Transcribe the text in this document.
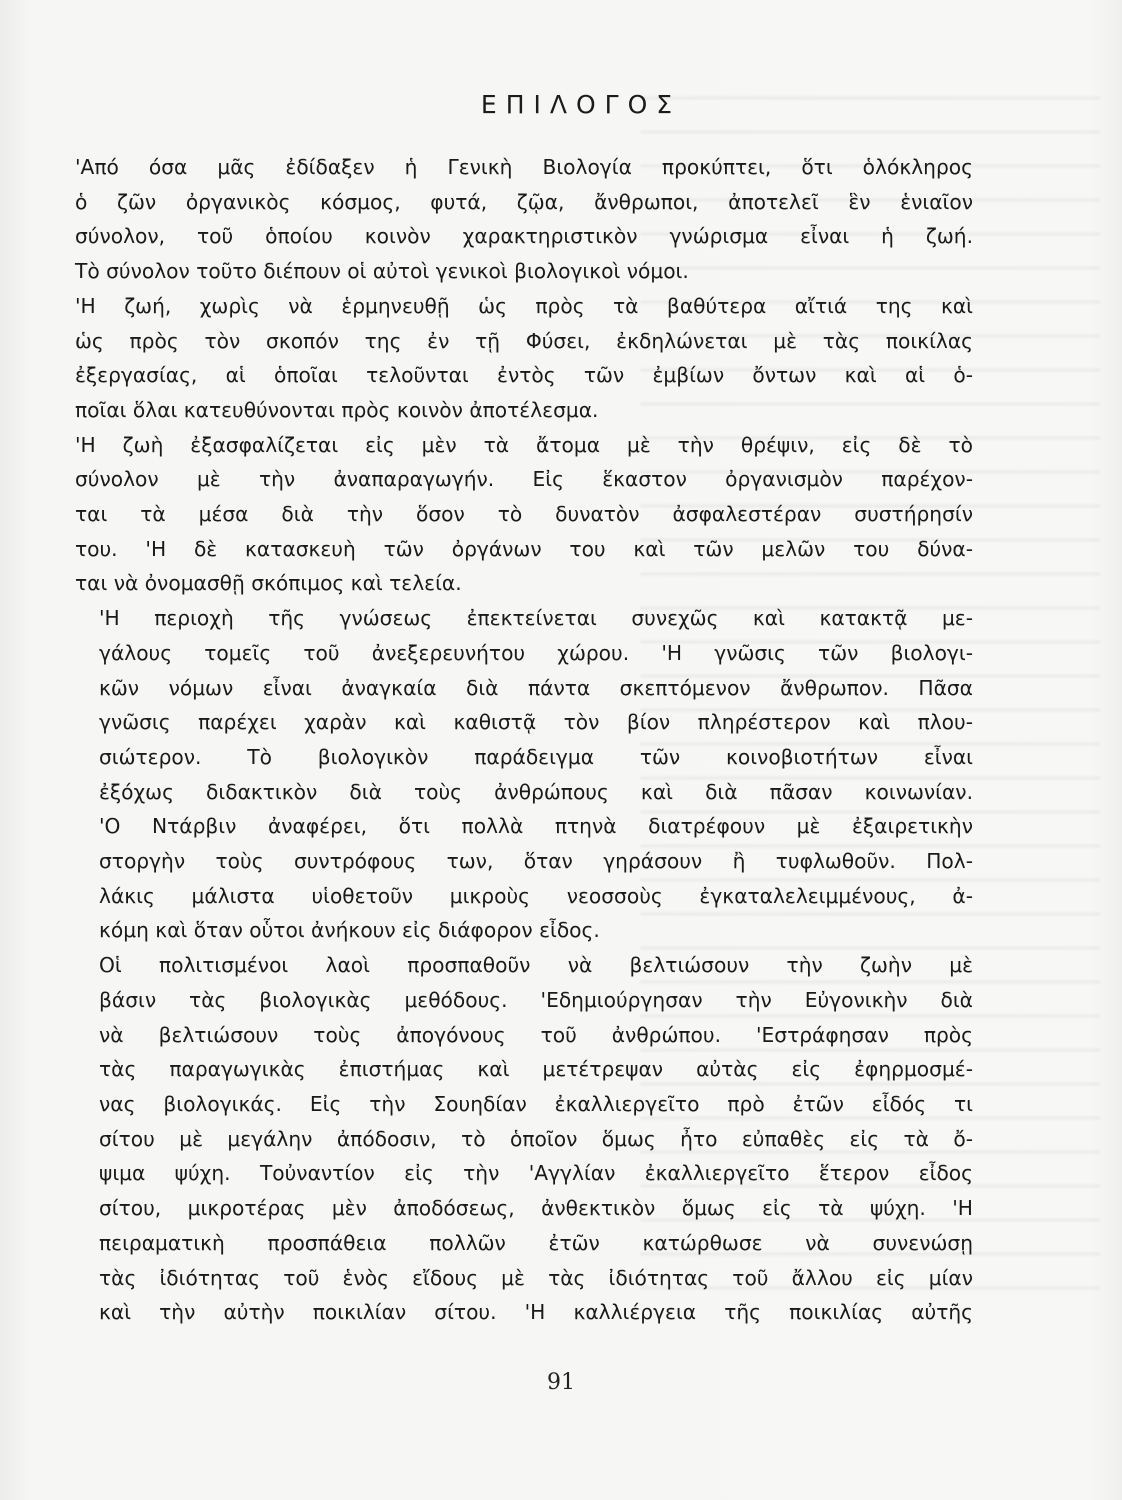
ΕΠΙΛΟΓΟΣ

'Από όσα μᾶς ἐδίδαξεν ἡ Γενικὴ Βιολογία προκύπτει, ὅτι ὁλόκληρος
ὁ ζῶν ὀργανικὸς κόσμος, φυτά, ζῷα, ἄνθρωποι, ἀποτελεῖ ἓν ἑνιαῖον
σύνολον, τοῦ ὁποίου κοινὸν χαρακτηριστικὸν γνώρισμα εἶναι ἡ ζωή.
Τὸ σύνολον τοῦτο διέπουν οἱ αὐτοὶ γενικοὶ βιολογικοὶ νόμοι.

'Η ζωή, χωρὶς νὰ ἑρμηνευθῇ ὡς πρὸς τὰ βαθύτερα αἴτιά της καὶ
ὡς πρὸς τὸν σκοπόν της ἐν τῇ Φύσει, ἐκδηλώνεται μὲ τὰς ποικίλας
ἐξεργασίας, αἱ ὁποῖαι τελοῦνται ἐντὸς τῶν ἐμβίων ὄντων καὶ αἱ ὁ-
ποῖαι ὅλαι κατευθύνονται πρὸς κοινὸν ἀποτέλεσμα.

'Η ζωὴ ἐξασφαλίζεται εἰς μὲν τὰ ἄτομα μὲ τὴν θρέψιν, εἰς δὲ τὸ
σύνολον μὲ τὴν ἀναπαραγωγήν. Εἰς ἕκαστον ὀργανισμὸν παρέχον-
ται τὰ μέσα διὰ τὴν ὅσον τὸ δυνατὸν ἀσφαλεστέραν συστήρησίν
του. 'Η δὲ κατασκευὴ τῶν ὀργάνων του καὶ τῶν μελῶν του δύνα-
ται νὰ ὀνομασθῇ σκόπιμος καὶ τελεία.

'Η περιοχὴ τῆς γνώσεως ἐπεκτείνεται συνεχῶς καὶ κατακτᾷ με-
γάλους τομεῖς τοῦ ἀνεξερευνήτου χώρου. 'Η γνῶσις τῶν βιολογι-
κῶν νόμων εἶναι ἀναγκαία διὰ πάντα σκεπτόμενον ἄνθρωπον. Πᾶσα
γνῶσις παρέχει χαρὰν καὶ καθιστᾷ τὸν βίον πληρέστερον καὶ πλου-
σιώτερον. Τὸ βιολογικὸν παράδειγμα τῶν κοινοβιοτήτων εἶναι
ἐξόχως διδακτικὸν διὰ τοὺς ἀνθρώπους καὶ διὰ πᾶσαν κοινωνίαν.
'Ο Ντάρβιν ἀναφέρει, ὅτι πολλὰ πτηνὰ διατρέφουν μὲ ἐξαιρετικὴν
στοργὴν τοὺς συντρόφους των, ὅταν γηράσουν ἢ τυφλωθοῦν. Πολ-
λάκις μάλιστα υἱοθετοῦν μικροὺς νεοσσοὺς ἐγκαταλελειμμένους, ἀ-
κόμη καὶ ὅταν οὗτοι ἀνήκουν εἰς διάφορον εἶδος.

Οἱ πολιτισμένοι λαοὶ προσπαθοῦν νὰ βελτιώσουν τὴν ζωὴν μὲ
βάσιν τὰς βιολογικὰς μεθόδους. 'Εδημιούργησαν τὴν Εὐγονικὴν διὰ
νὰ βελτιώσουν τοὺς ἀπογόνους τοῦ ἀνθρώπου. 'Εστράφησαν πρὸς
τὰς παραγωγικὰς ἐπιστήμας καὶ μετέτρεψαν αὐτὰς εἰς ἐφηρμοσμέ-
νας βιολογικάς. Εἰς τὴν Σουηδίαν ἐκαλλιεργεῖτο πρὸ ἐτῶν εἶδός τι
σίτου μὲ μεγάλην ἀπόδοσιν, τὸ ὁποῖον ὅμως ἦτο εὐπαθὲς εἰς τὰ ὄ-
ψιμα ψύχη. Τοὐναντίον εἰς τὴν 'Αγγλίαν ἐκαλλιεργεῖτο ἕτερον εἶδος
σίτου, μικροτέρας μὲν ἀποδόσεως, ἀνθεκτικὸν ὅμως εἰς τὰ ψύχη. 'Η
πειραματικὴ προσπάθεια πολλῶν ἐτῶν κατώρθωσε νὰ συνενώσῃ
τὰς ἰδιότητας τοῦ ἑνὸς εἴδους μὲ τὰς ἰδιότητας τοῦ ἄλλου εἰς μίαν
καὶ τὴν αὐτὴν ποικιλίαν σίτου. 'Η καλλιέργεια τῆς ποικιλίας αὐτῆς

91
